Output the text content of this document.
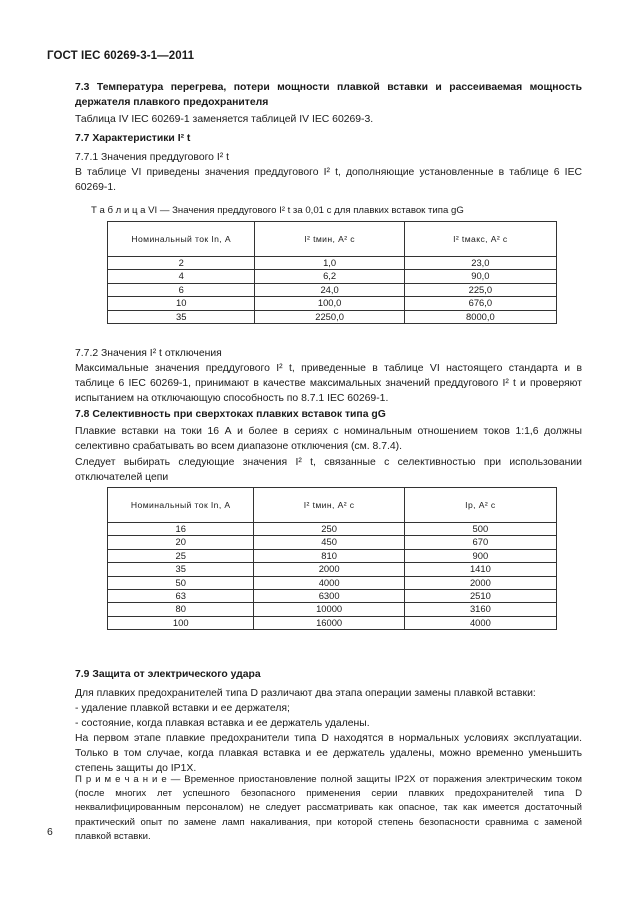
ГОСТ IEC 60269-3-1—2011
7.3 Температура перегрева, потери мощности плавкой вставки и рассеиваемая мощность держателя плавкого предохранителя
Таблица IV IEC 60269-1 заменяется таблицей IV IEC 60269-3.
7.7 Характеристики I² t
7.7.1 Значения преддугового I² t
В таблице VI приведены значения преддугового I² t, дополняющие установленные в таблице 6 IEC 60269-1.
Т а б л и ц а VI — Значения преддугового I² t за 0,01 с для плавких вставок типа gG
Номинальный ток In, А	I² tмин, А² с	I² tмакс, А² с
2	1,0	23,0
4	6,2	90,0
6	24,0	225,0
10	100,0	676,0
35	2250,0	8000,0
7.7.2 Значения I² t отключения
Максимальные значения преддугового I² t, приведенные в таблице VI настоящего стандарта и в таблице 6 IEC 60269-1, принимают в качестве максимальных значений преддугового I² t и проверяют испытанием на отключающую способность по 8.7.1 IEC 60269-1.
7.8 Селективность при сверхтоках плавких вставок типа gG
Плавкие вставки на токи 16 А и более в сериях с номинальным отношением токов 1:1,6 должны селективно срабатывать во всем диапазоне отключения (см. 8.7.4).
Следует выбирать следующие значения I² t, связанные с селективностью при использовании отключателей цепи
Номинальный ток In, А	I² tмин, А² с	Ip, А² с
16	250	500
20	450	670
25	810	900
35	2000	1410
50	4000	2000
63	6300	2510
80	10000	3160
100	16000	4000
7.9 Защита от электрического удара
Для плавких предохранителей типа D различают два этапа операции замены плавкой вставки:
- удаление плавкой вставки и ее держателя;
- состояние, когда плавкая вставка и ее держатель удалены.
На первом этапе плавкие предохранители типа D находятся в нормальных условиях эксплуатации. Только в том случае, когда плавкая вставка и ее держатель удалены, можно временно уменьшить степень защиты до IP1X.
П р и м е ч а н и е — Временное приостановление полной защиты IP2X от поражения электрическим током (после многих лет успешного безопасного применения серии плавких предохранителей типа D неквалифицированным персоналом) не следует рассматривать как опасное, так как имеется достаточный практический опыт по замене ламп накаливания, при которой степень безопасности сравнима с заменой плавкой вставки.
6
